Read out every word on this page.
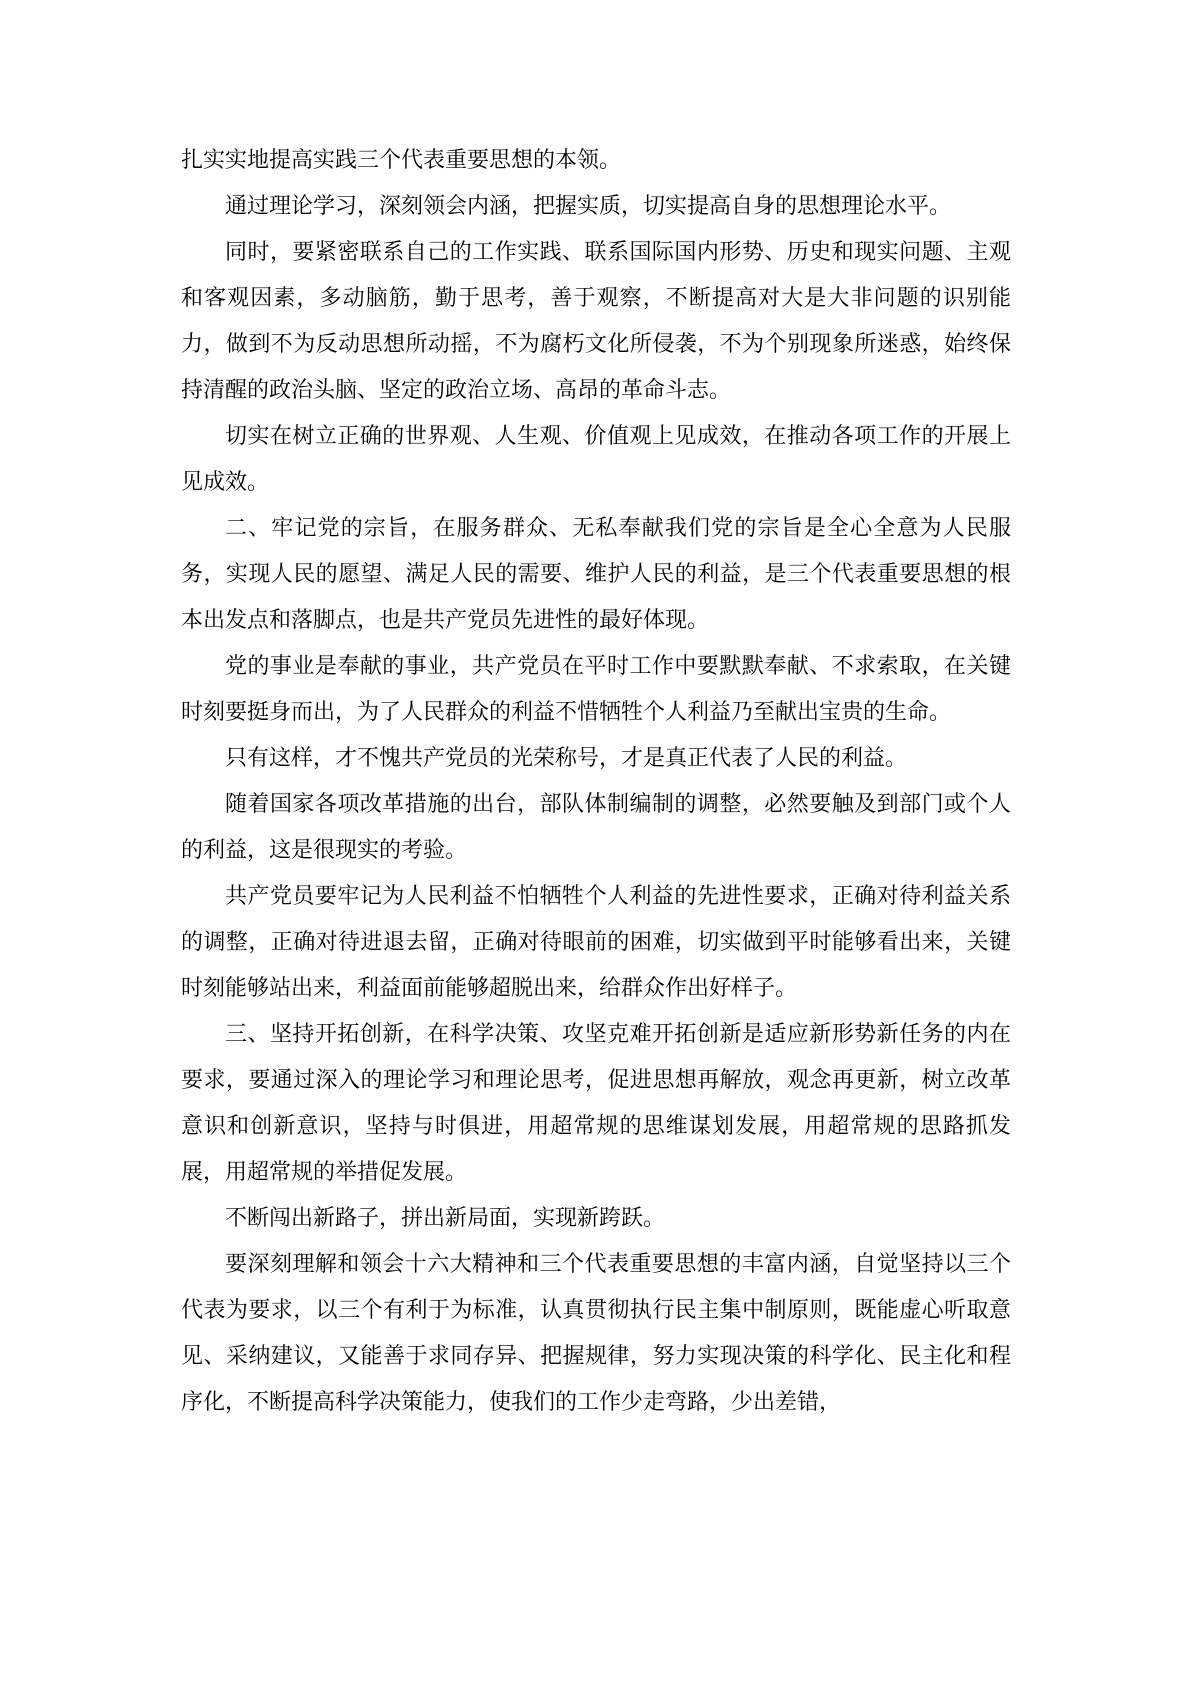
扎实实地提高实践三个代表重要思想的本领。

通过理论学习，深刻领会内涵，把握实质，切实提高自身的思想理论水平。

同时，要紧密联系自己的工作实践、联系国际国内形势、历史和现实问题、主观和客观因素，多动脑筋，勤于思考，善于观察，不断提高对大是大非问题的识别能力，做到不为反动思想所动摇，不为腐朽文化所侵袭，不为个别现象所迷惑，始终保持清醒的政治头脑、坚定的政治立场、高昂的革命斗志。

切实在树立正确的世界观、人生观、价值观上见成效，在推动各项工作的开展上见成效。

二、牢记党的宗旨，在服务群众、无私奉献我们党的宗旨是全心全意为人民服务，实现人民的愿望、满足人民的需要、维护人民的利益，是三个代表重要思想的根本出发点和落脚点，也是共产党员先进性的最好体现。

党的事业是奉献的事业，共产党员在平时工作中要默默奉献、不求索取，在关键时刻要挺身而出，为了人民群众的利益不惜牺牲个人利益乃至献出宝贵的生命。

只有这样，才不愧共产党员的光荣称号，才是真正代表了人民的利益。

随着国家各项改革措施的出台，部队体制编制的调整，必然要触及到部门或个人的利益，这是很现实的考验。

共产党员要牢记为人民利益不怕牺牲个人利益的先进性要求，正确对待利益关系的调整，正确对待进退去留，正确对待眼前的困难，切实做到平时能够看出来，关键时刻能够站出来，利益面前能够超脱出来，给群众作出好样子。

三、坚持开拓创新，在科学决策、攻坚克难开拓创新是适应新形势新任务的内在要求，要通过深入的理论学习和理论思考，促进思想再解放，观念再更新，树立改革意识和创新意识，坚持与时俱进，用超常规的思维谋划发展，用超常规的思路抓发展，用超常规的举措促发展。

不断闯出新路子，拼出新局面，实现新跨跃。

要深刻理解和领会十六大精神和三个代表重要思想的丰富内涵，自觉坚持以三个代表为要求，以三个有利于为标准，认真贯彻执行民主集中制原则，既能虚心听取意见、采纳建议，又能善于求同存异、把握规律，努力实现决策的科学化、民主化和程序化，不断提高科学决策能力，使我们的工作少走弯路，少出差错，
